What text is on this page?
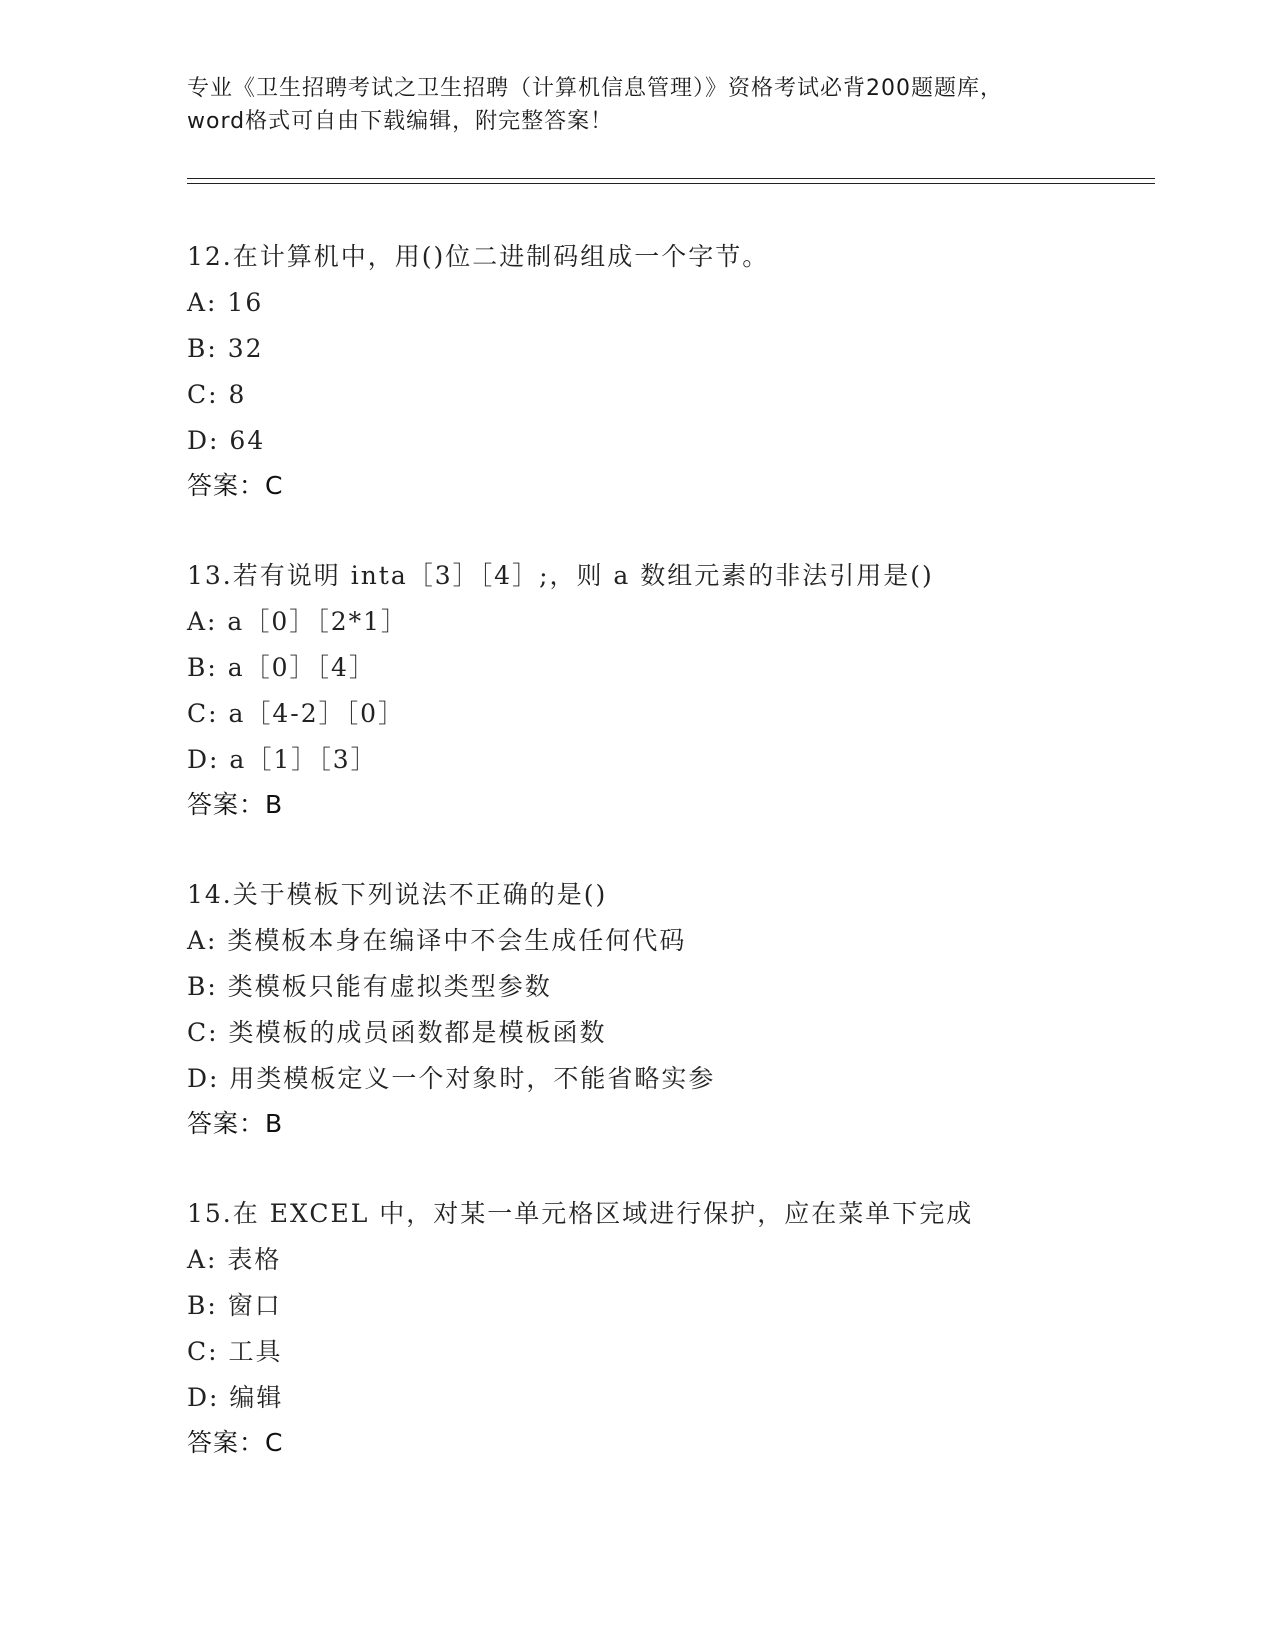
专业《卫生招聘考试之卫生招聘（计算机信息管理）》资格考试必背200题题库，
word格式可自由下载编辑，附完整答案！
12.在计算机中，用()位二进制码组成一个字节。
A: 16
B: 32
C: 8
D: 64
答案：C
13.若有说明 inta［3］［4］;，则 a 数组元素的非法引用是()
A: a［0］［2*1］
B: a［0］［4］
C: a［4-2］［0］
D: a［1］［3］
答案：B
14.关于模板下列说法不正确的是()
A: 类模板本身在编译中不会生成任何代码
B: 类模板只能有虚拟类型参数
C: 类模板的成员函数都是模板函数
D: 用类模板定义一个对象时，不能省略实参
答案：B
15.在 EXCEL 中，对某一单元格区域进行保护，应在菜单下完成
A: 表格
B: 窗口
C: 工具
D: 编辑
答案：C
